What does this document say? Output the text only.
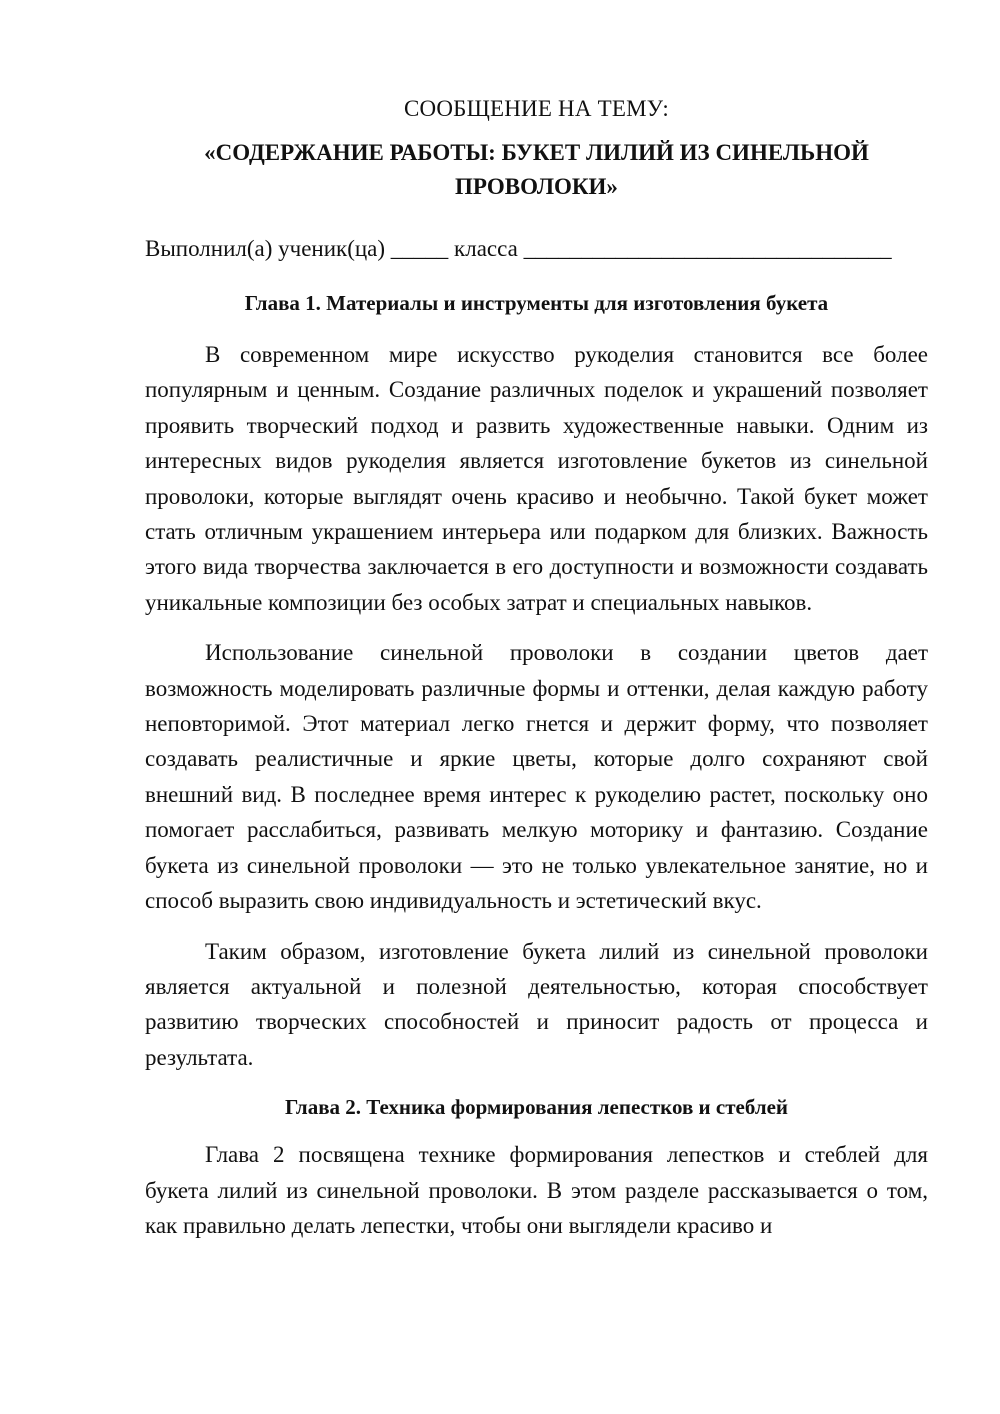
СООБЩЕНИЕ НА ТЕМУ:

«СОДЕРЖАНИЕ РАБОТЫ: БУКЕТ ЛИЛИЙ ИЗ СИНЕЛЬНОЙ ПРОВОЛОКИ»

Выполнил(а) ученик(ца) _____ класса ________________________________

Глава 1. Материалы и инструменты для изготовления букета

В современном мире искусство рукоделия становится все более популярным и ценным. Создание различных поделок и украшений позволяет проявить творческий подход и развить художественные навыки. Одним из интересных видов рукоделия является изготовление букетов из синельной проволоки, которые выглядят очень красиво и необычно. Такой букет может стать отличным украшением интерьера или подарком для близких. Важность этого вида творчества заключается в его доступности и возможности создавать уникальные композиции без особых затрат и специальных навыков.

Использование синельной проволоки в создании цветов дает возможность моделировать различные формы и оттенки, делая каждую работу неповторимой. Этот материал легко гнется и держит форму, что позволяет создавать реалистичные и яркие цветы, которые долго сохраняют свой внешний вид. В последнее время интерес к рукоделию растет, поскольку оно помогает расслабиться, развивать мелкую моторику и фантазию. Создание букета из синельной проволоки — это не только увлекательное занятие, но и способ выразить свою индивидуальность и эстетический вкус.

Таким образом, изготовление букета лилий из синельной проволоки является актуальной и полезной деятельностью, которая способствует развитию творческих способностей и приносит радость от процесса и результата.

Глава 2. Техника формирования лепестков и стеблей

Глава 2 посвящена технике формирования лепестков и стеблей для букета лилий из синельной проволоки. В этом разделе рассказывается о том, как правильно делать лепестки, чтобы они выглядели красиво и
